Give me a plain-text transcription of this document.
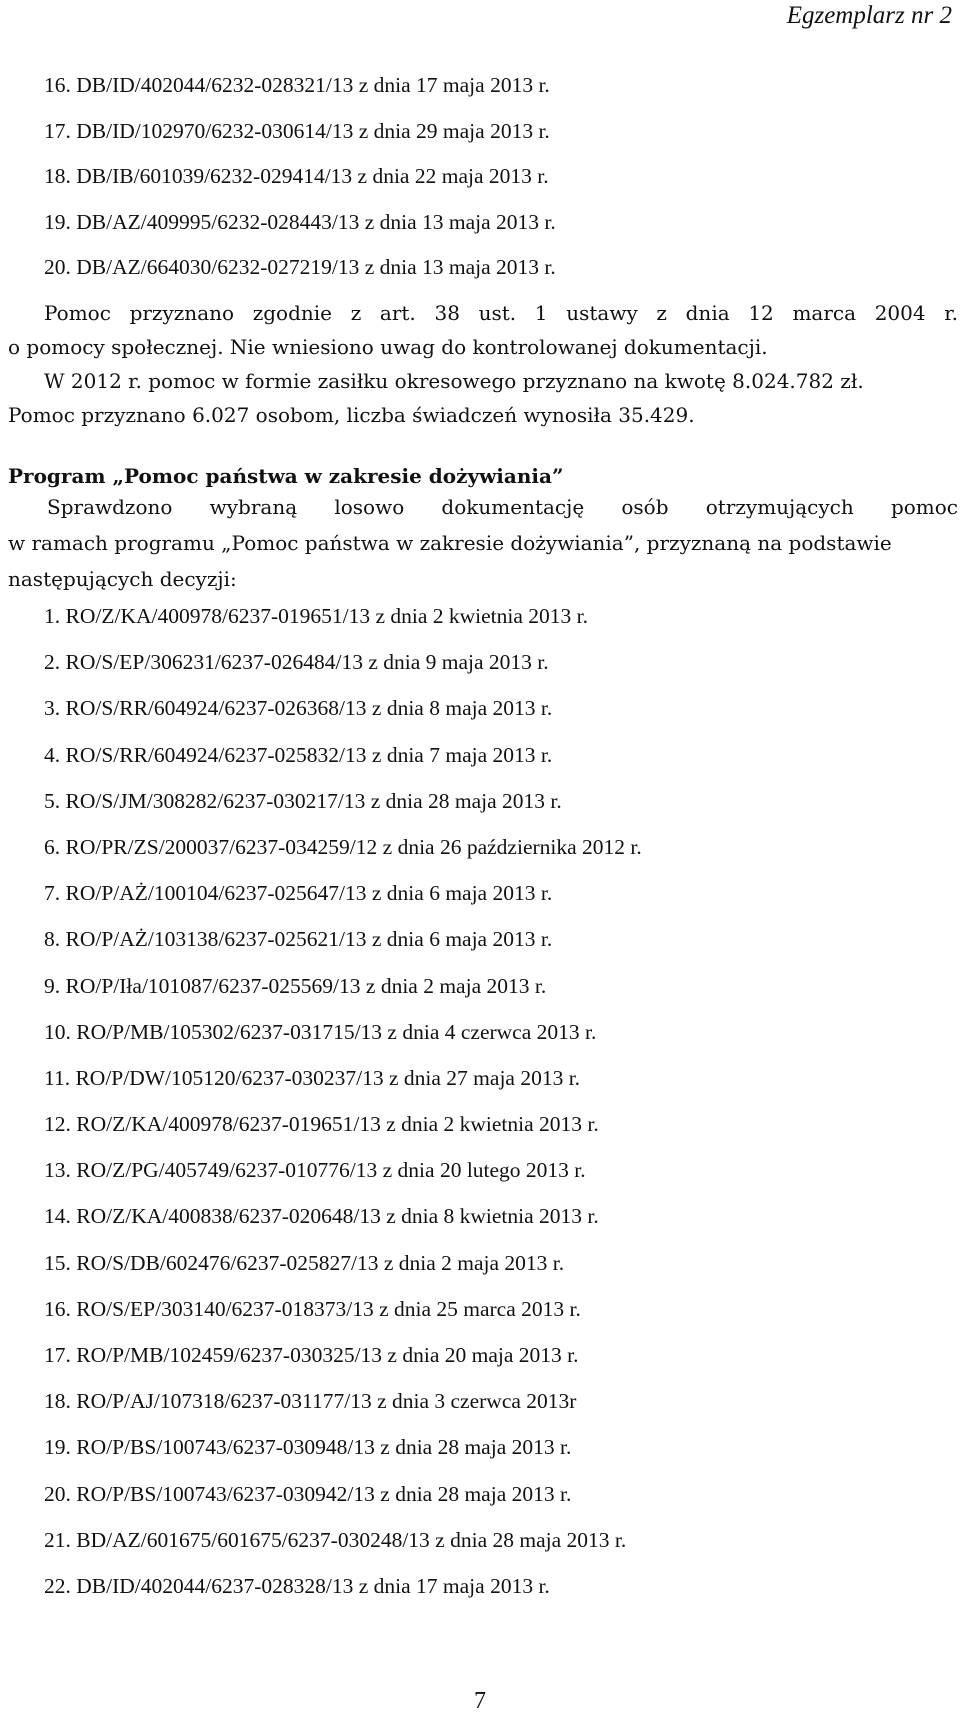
Egzemplarz nr 2
16. DB/ID/402044/6232-028321/13 z dnia 17 maja 2013 r.
17. DB/ID/102970/6232-030614/13 z dnia 29 maja 2013 r.
18. DB/IB/601039/6232-029414/13 z dnia 22 maja 2013 r.
19. DB/AZ/409995/6232-028443/13 z dnia 13 maja 2013 r.
20. DB/AZ/664030/6232-027219/13 z dnia 13 maja 2013 r.

Pomoc przyznano zgodnie z art. 38 ust. 1 ustawy z dnia 12 marca 2004 r.
o pomocy społecznej. Nie wniesiono uwag do kontrolowanej dokumentacji.
W 2012 r. pomoc w formie zasiłku okresowego przyznano na kwotę 8.024.782 zł.
Pomoc przyznano 6.027 osobom, liczba świadczeń wynosiła 35.429.

Program „Pomoc państwa w zakresie dożywiania”

Sprawdzono wybraną losowo dokumentację osób otrzymujących pomoc
w ramach programu „Pomoc państwa w zakresie dożywiania”, przyznaną na podstawie
następujących decyzji:

1. RO/Z/KA/400978/6237-019651/13 z dnia 2 kwietnia 2013 r.
2. RO/S/EP/306231/6237-026484/13 z dnia 9 maja 2013 r.
3. RO/S/RR/604924/6237-026368/13 z dnia 8 maja 2013 r.
4. RO/S/RR/604924/6237-025832/13 z dnia 7 maja 2013 r.
5. RO/S/JM/308282/6237-030217/13 z dnia 28 maja 2013 r.
6. RO/PR/ZS/200037/6237-034259/12 z dnia 26 października 2012 r.
7. RO/P/AŻ/100104/6237-025647/13 z dnia 6 maja 2013 r.
8. RO/P/AŻ/103138/6237-025621/13 z dnia 6 maja 2013 r.
9. RO/P/Iła/101087/6237-025569/13 z dnia 2 maja 2013 r.
10. RO/P/MB/105302/6237-031715/13 z dnia 4 czerwca 2013 r.
11. RO/P/DW/105120/6237-030237/13 z dnia 27 maja 2013 r.
12. RO/Z/KA/400978/6237-019651/13 z dnia 2 kwietnia 2013 r.
13. RO/Z/PG/405749/6237-010776/13 z dnia 20 lutego 2013 r.
14. RO/Z/KA/400838/6237-020648/13 z dnia 8 kwietnia 2013 r.
15. RO/S/DB/602476/6237-025827/13 z dnia 2 maja 2013 r.
16. RO/S/EP/303140/6237-018373/13 z dnia 25 marca 2013 r.
17. RO/P/MB/102459/6237-030325/13 z dnia 20 maja 2013 r.
18. RO/P/AJ/107318/6237-031177/13 z dnia 3 czerwca 2013r
19. RO/P/BS/100743/6237-030948/13 z dnia 28 maja 2013 r.
20. RO/P/BS/100743/6237-030942/13 z dnia 28 maja 2013 r.
21. BD/AZ/601675/601675/6237-030248/13 z dnia 28 maja 2013 r.
22. DB/ID/402044/6237-028328/13 z dnia 17 maja 2013 r.
7
